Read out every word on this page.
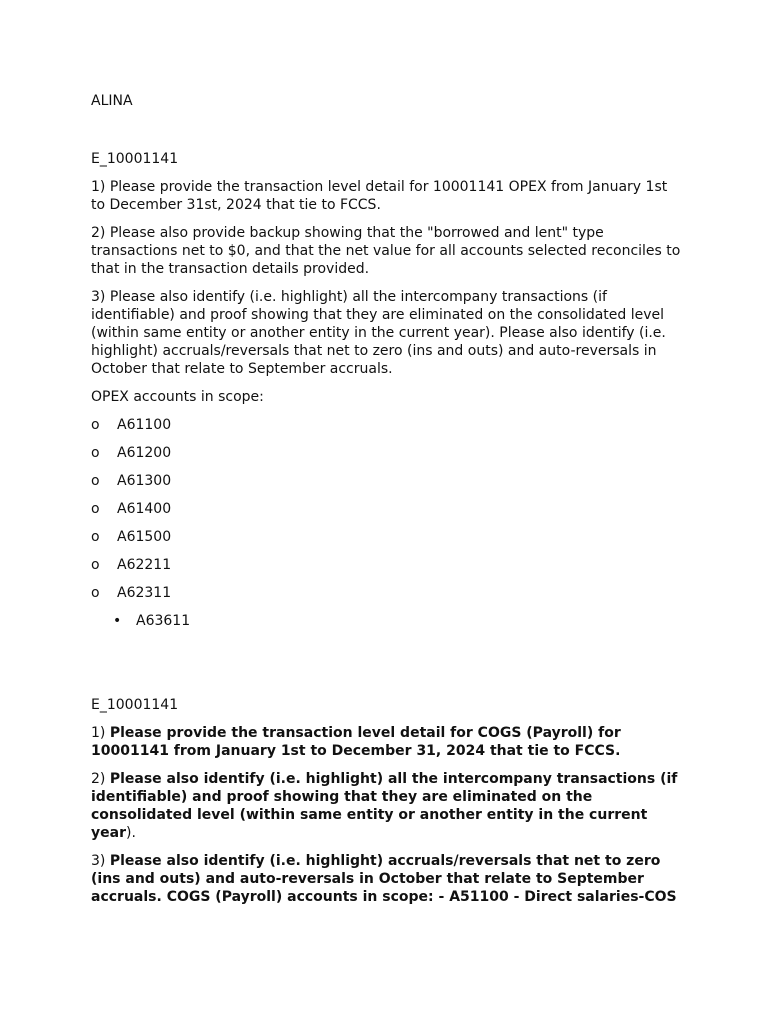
ALINA

E_10001141

1) Please provide the transaction level detail for 10001141 OPEX from January 1st to December 31st, 2024 that tie to FCCS.

2) Please also provide backup showing that the "borrowed and lent" type transactions net to $0, and that the net value for all accounts selected reconciles to that in the transaction details provided.

3) Please also identify (i.e. highlight) all the intercompany transactions (if identifiable) and proof showing that they are eliminated on the consolidated level (within same entity or another entity in the current year). Please also identify (i.e. highlight) accruals/reversals that net to zero (ins and outs) and auto-reversals in October that relate to September accruals.

OPEX accounts in scope:

o	A61100
o	A61200
o	A61300
o	A61400
o	A61500
o	A62211
o	A62311
•	A63611

E_10001141

1) Please provide the transaction level detail for COGS (Payroll) for 10001141 from January 1st to December 31, 2024 that tie to FCCS.

2) Please also identify (i.e. highlight) all the intercompany transactions (if identifiable) and proof showing that they are eliminated on the consolidated level (within same entity or another entity in the current year).

3) Please also identify (i.e. highlight) accruals/reversals that net to zero (ins and outs) and auto-reversals in October that relate to September accruals. COGS (Payroll) accounts in scope: - A51100 - Direct salaries-COS
